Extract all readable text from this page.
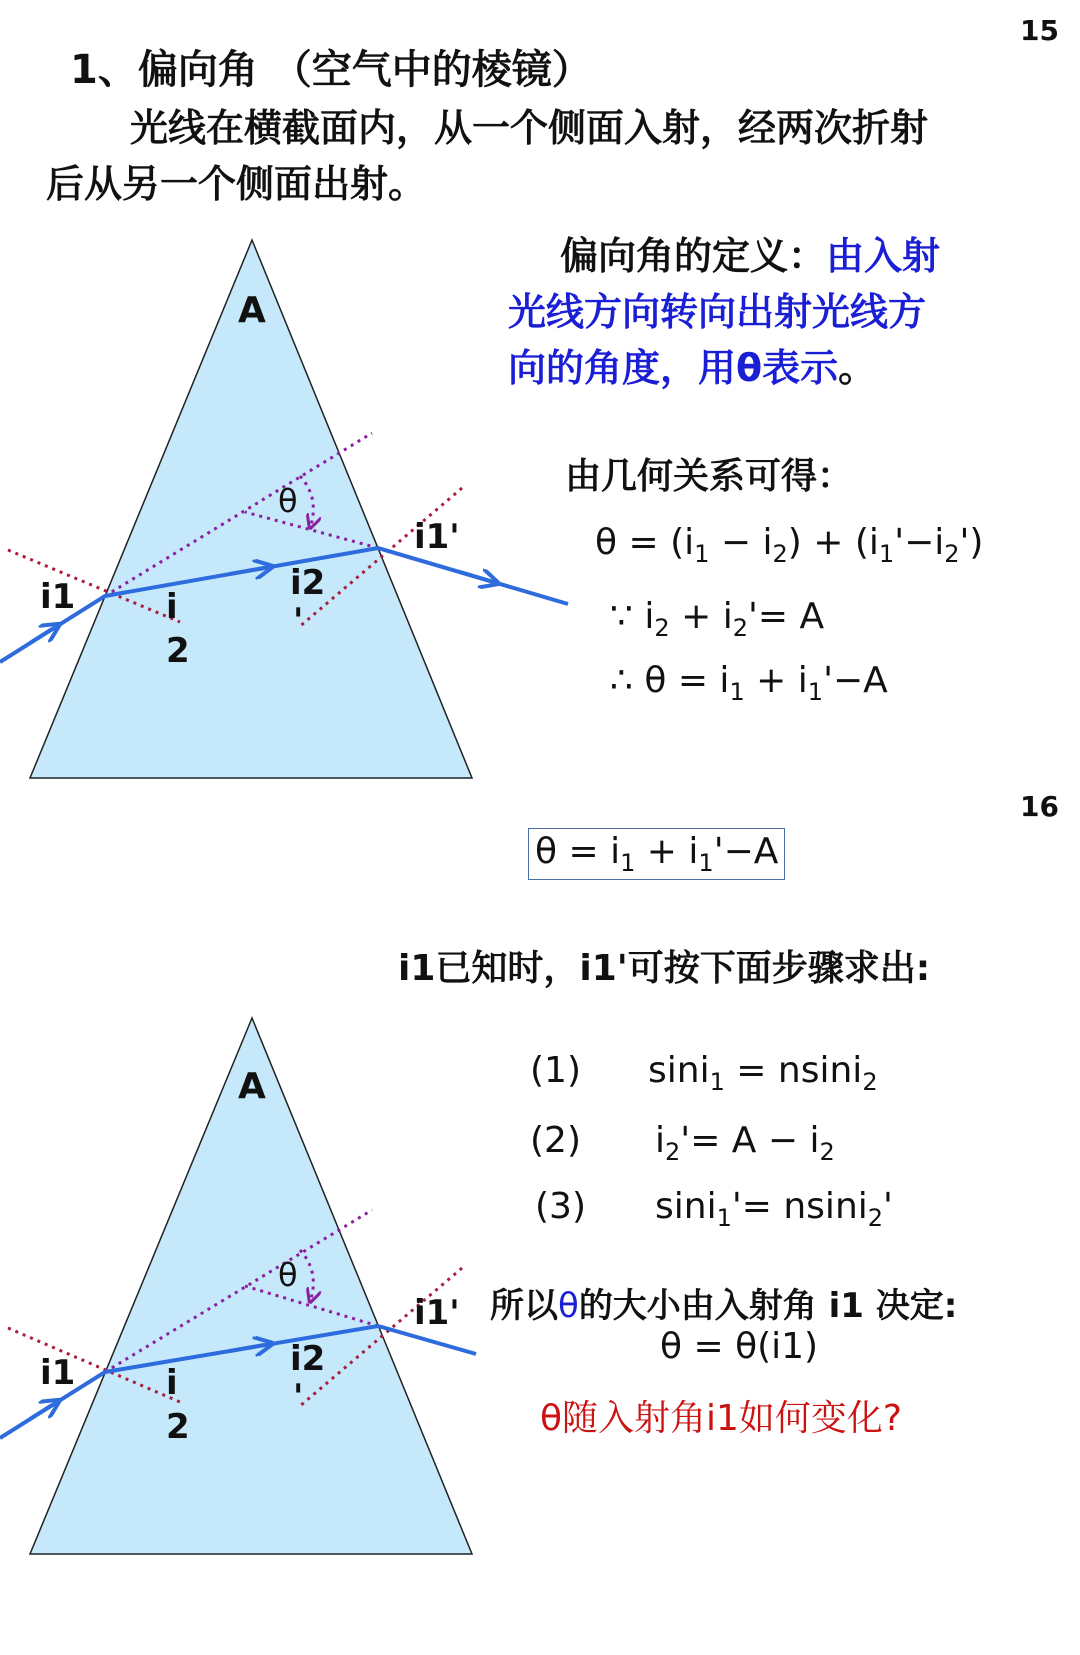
15
16
1、偏向角 （空气中的棱镜）
光线在横截面内，从一个侧面入射，经两次折射
后从另一个侧面出射。
偏向角的定义：由入射
光线方向转向出射光线方
向的角度，用θ表示。
由几何关系可得：
$\theta = (i_1 - i_2) + (i_1'-i_2')$
∵ $i_2 + i_2'= A$
∴ $\theta = i_1 + i_1'-A$
$\theta = i_1 + i_1'-A$
i1已知时，i1'可按下面步骤求出:
(1) sini$_1$ = nsini$_2$
(2) $i_2'= A - i_2$
(3) sini$_1$'= nsini$_2$'
所以θ的大小由入射角 i1 决定:
θ = θ(i1)
θ随入射角i1如何变化?
A
θ
i1	i
2
i2
'
i1'
A
θ
i1	i
2
i2
'
i1'
